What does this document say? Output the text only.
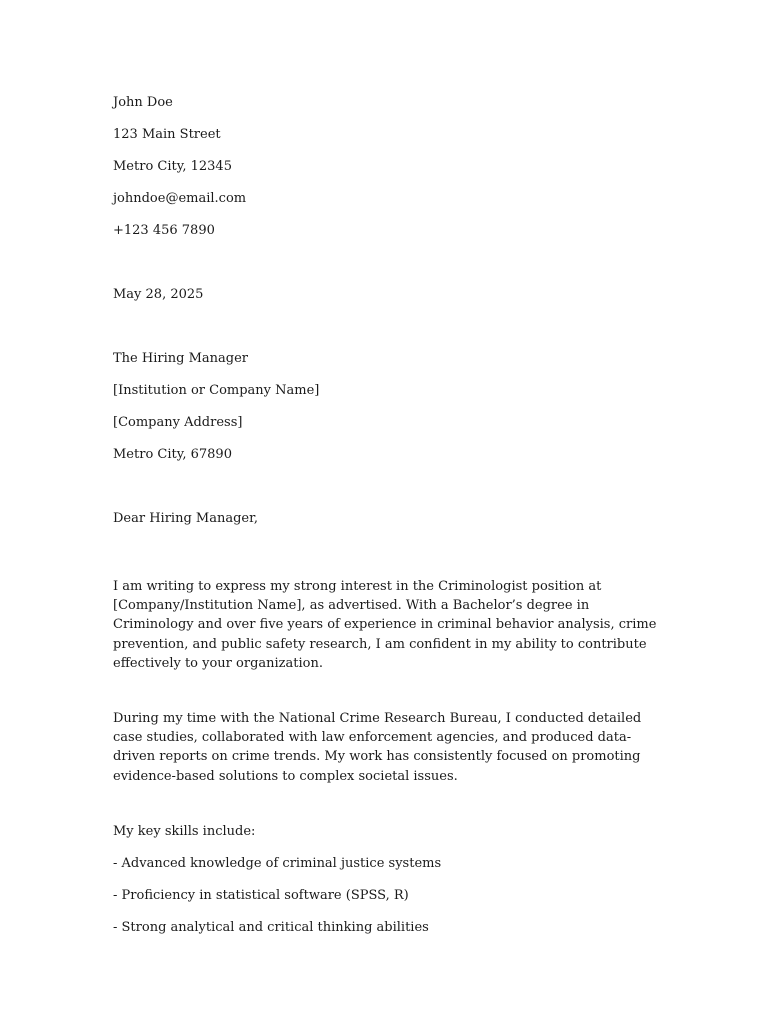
John Doe

123 Main Street

Metro City, 12345

johndoe@email.com

+123 456 7890

May 28, 2025

The Hiring Manager

[Institution or Company Name]

[Company Address]

Metro City, 67890

Dear Hiring Manager,

I am writing to express my strong interest in the Criminologist position at [Company/Institution Name], as advertised. With a Bachelor’s degree in Criminology and over five years of experience in criminal behavior analysis, crime prevention, and public safety research, I am confident in my ability to contribute effectively to your organization.

During my time with the National Crime Research Bureau, I conducted detailed case studies, collaborated with law enforcement agencies, and produced data-driven reports on crime trends. My work has consistently focused on promoting evidence-based solutions to complex societal issues.

My key skills include:

- Advanced knowledge of criminal justice systems

- Proficiency in statistical software (SPSS, R)

- Strong analytical and critical thinking abilities
